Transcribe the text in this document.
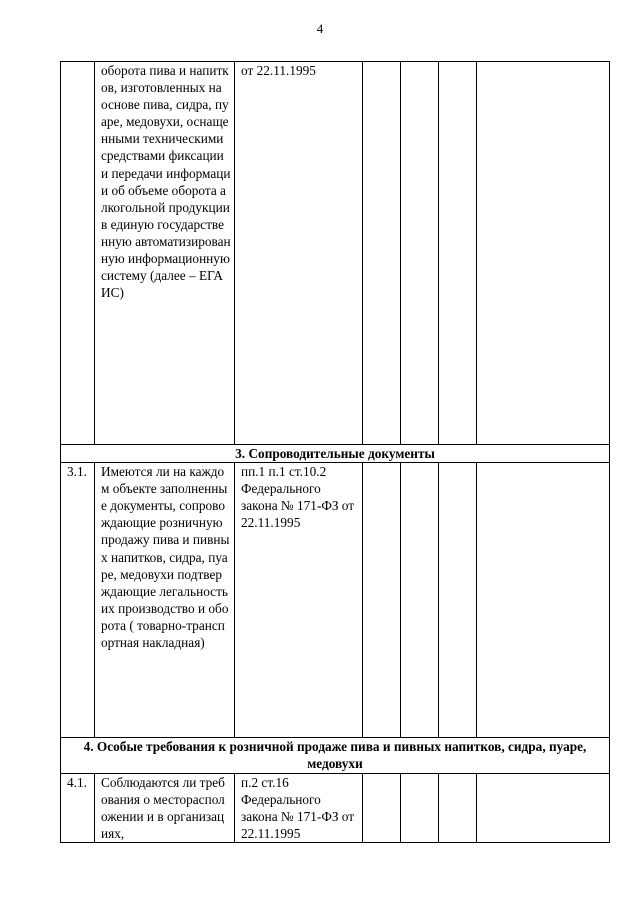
4
	оборота пива и напитков, изготовленных на основе пива, сидра, пуаре, медовухи, оснащенными техническими средствами фиксации и передачи информации об объеме оборота алкогольной продукции в единую государственную автоматизированную информационную систему (далее – ЕГАИС)	от 22.11.1995				
3. Сопроводительные документы						
3.1.	Имеются ли на каждом объекте заполненные документы, сопровождающие розничную продажу пива и пивных напитков, сидра, пуаре, медовухи подтверждающие легальность их производство и оборота ( товарно-транспортная накладная)	пп.1 п.1 ст.10.2 Федерального закона № 171-ФЗ от 22.11.1995				
4. Особые требования к розничной продаже пива и пивных напитков, сидра, пуаре, медовухи						
4.1.	Соблюдаются ли требования о месторасположении и в организациях,	п.2 ст.16 Федерального закона № 171-ФЗ от 22.11.1995				
